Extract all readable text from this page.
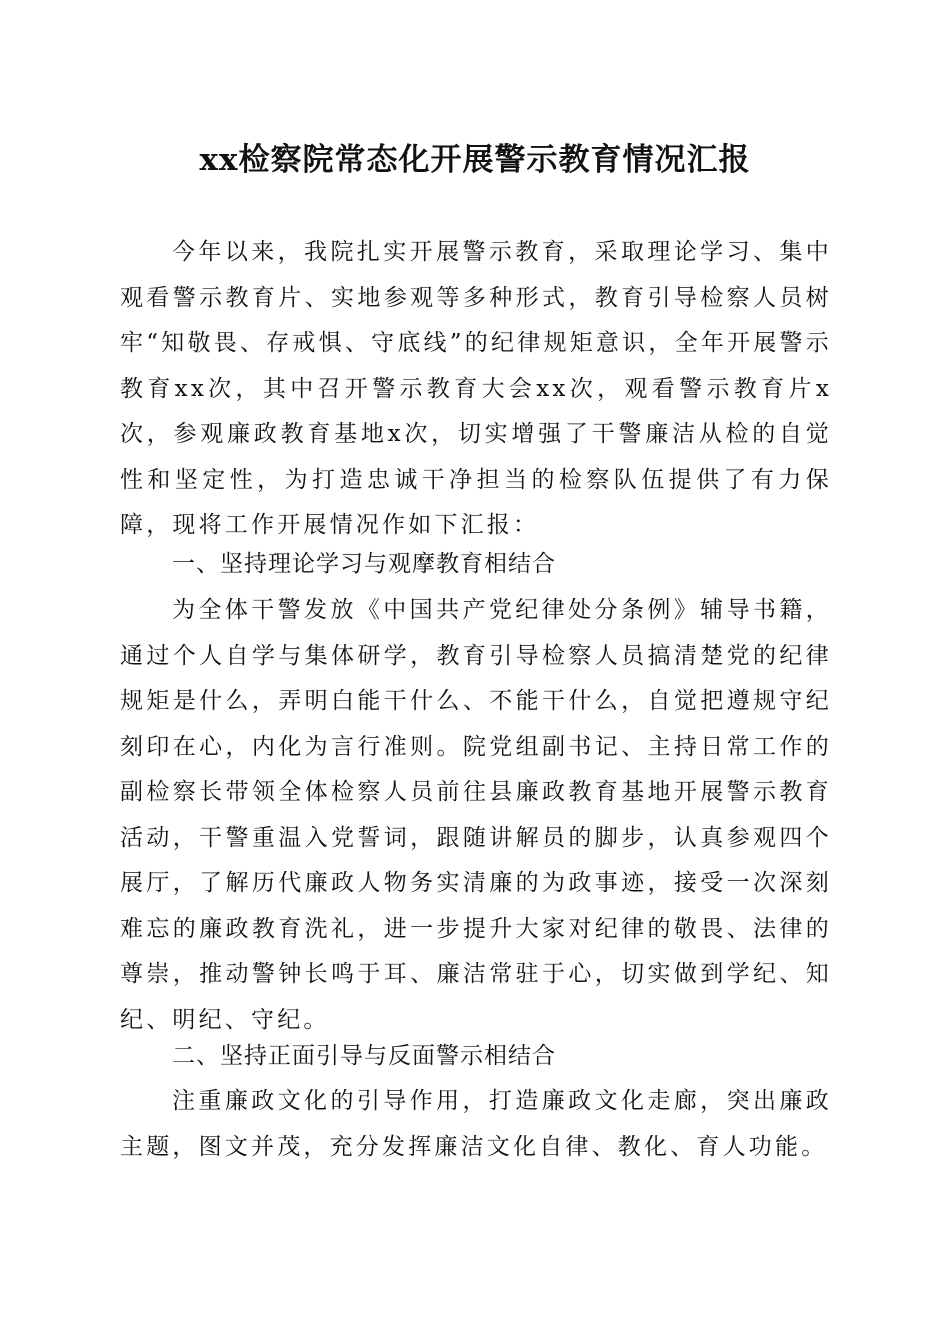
xx检察院常态化开展警示教育情况汇报

今年以来，我院扎实开展警示教育，采取理论学习、集中观看警示教育片、实地参观等多种形式，教育引导检察人员树牢“知敬畏、存戒惧、守底线”的纪律规矩意识，全年开展警示教育xx次，其中召开警示教育大会xx次，观看警示教育片x次，参观廉政教育基地x次，切实增强了干警廉洁从检的自觉性和坚定性，为打造忠诚干净担当的检察队伍提供了有力保障，现将工作开展情况作如下汇报：

一、坚持理论学习与观摩教育相结合

为全体干警发放《中国共产党纪律处分条例》辅导书籍，通过个人自学与集体研学，教育引导检察人员搞清楚党的纪律规矩是什么，弄明白能干什么、不能干什么，自觉把遵规守纪刻印在心，内化为言行准则。院党组副书记、主持日常工作的副检察长带领全体检察人员前往县廉政教育基地开展警示教育活动，干警重温入党誓词，跟随讲解员的脚步，认真参观四个展厅，了解历代廉政人物务实清廉的为政事迹，接受一次深刻难忘的廉政教育洗礼，进一步提升大家对纪律的敬畏、法律的尊崇，推动警钟长鸣于耳、廉洁常驻于心，切实做到学纪、知纪、明纪、守纪。

二、坚持正面引导与反面警示相结合

注重廉政文化的引导作用，打造廉政文化走廊，突出廉政主题，图文并茂，充分发挥廉洁文化自律、教化、育人功能。
